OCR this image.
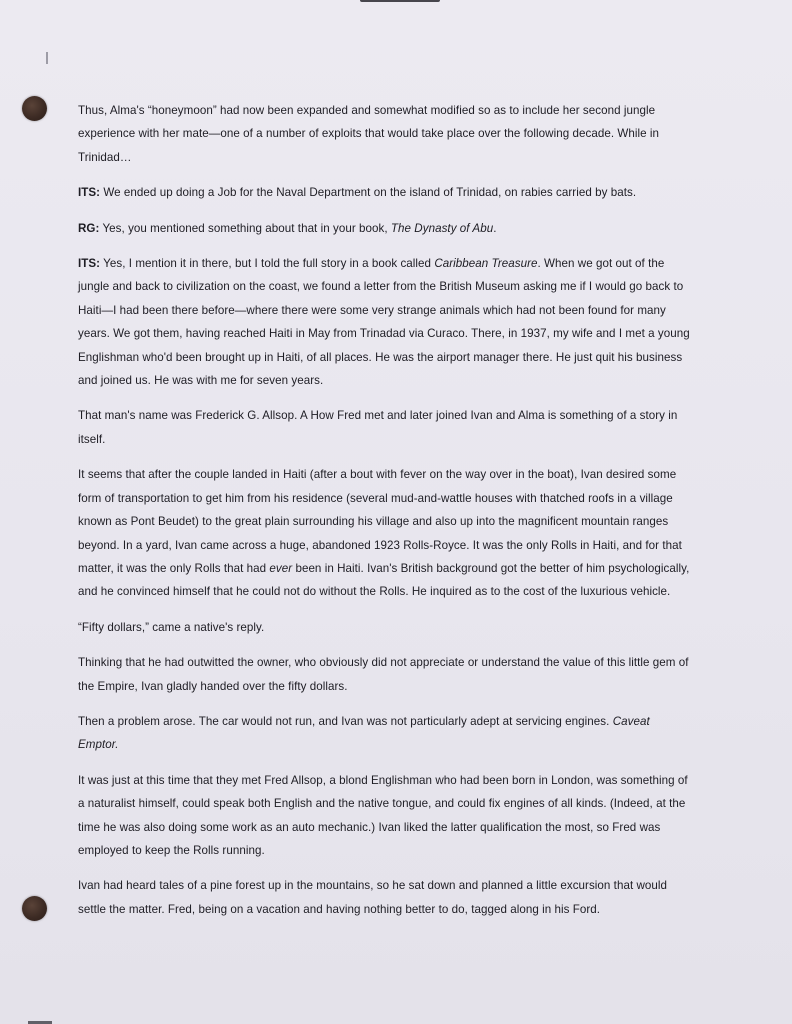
Thus, Alma's “honeymoon” had now been expanded and somewhat modified so as to include her second jungle experience with her mate—one of a number of exploits that would take place over the following decade. While in Trinidad…

ITS: We ended up doing a Job for the Naval Department on the island of Trinidad, on rabies carried by bats.

RG: Yes, you mentioned something about that in your book, The Dynasty of Abu.

ITS: Yes, I mention it in there, but I told the full story in a book called Caribbean Treasure. When we got out of the jungle and back to civilization on the coast, we found a letter from the British Museum asking me if I would go back to Haiti—I had been there before—where there were some very strange animals which had not been found for many years. We got them, having reached Haiti in May from Trinadad via Curaco. There, in 1937, my wife and I met a young Englishman who'd been brought up in Haiti, of all places. He was the airport manager there. He just quit his business and joined us. He was with me for seven years.

That man's name was Frederick G. Allsop. A How Fred met and later joined Ivan and Alma is something of a story in itself.

It seems that after the couple landed in Haiti (after a bout with fever on the way over in the boat), Ivan desired some form of transportation to get him from his residence (several mud-and-wattle houses with thatched roofs in a village known as Pont Beudet) to the great plain surrounding his village and also up into the magnificent mountain ranges beyond. In a yard, Ivan came across a huge, abandoned 1923 Rolls-Royce. It was the only Rolls in Haiti, and for that matter, it was the only Rolls that had ever been in Haiti. Ivan's British background got the better of him psychologically, and he convinced himself that he could not do without the Rolls. He inquired as to the cost of the luxurious vehicle.

“Fifty dollars,” came a native's reply.

Thinking that he had outwitted the owner, who obviously did not appreciate or understand the value of this little gem of the Empire, Ivan gladly handed over the fifty dollars.

Then a problem arose. The car would not run, and Ivan was not particularly adept at servicing engines. Caveat Emptor.

It was just at this time that they met Fred Allsop, a blond Englishman who had been born in London, was something of a naturalist himself, could speak both English and the native tongue, and could fix engines of all kinds. (Indeed, at the time he was also doing some work as an auto mechanic.) Ivan liked the latter qualification the most, so Fred was employed to keep the Rolls running.

Ivan had heard tales of a pine forest up in the mountains, so he sat down and planned a little excursion that would settle the matter. Fred, being on a vacation and having nothing better to do, tagged along in his Ford.
